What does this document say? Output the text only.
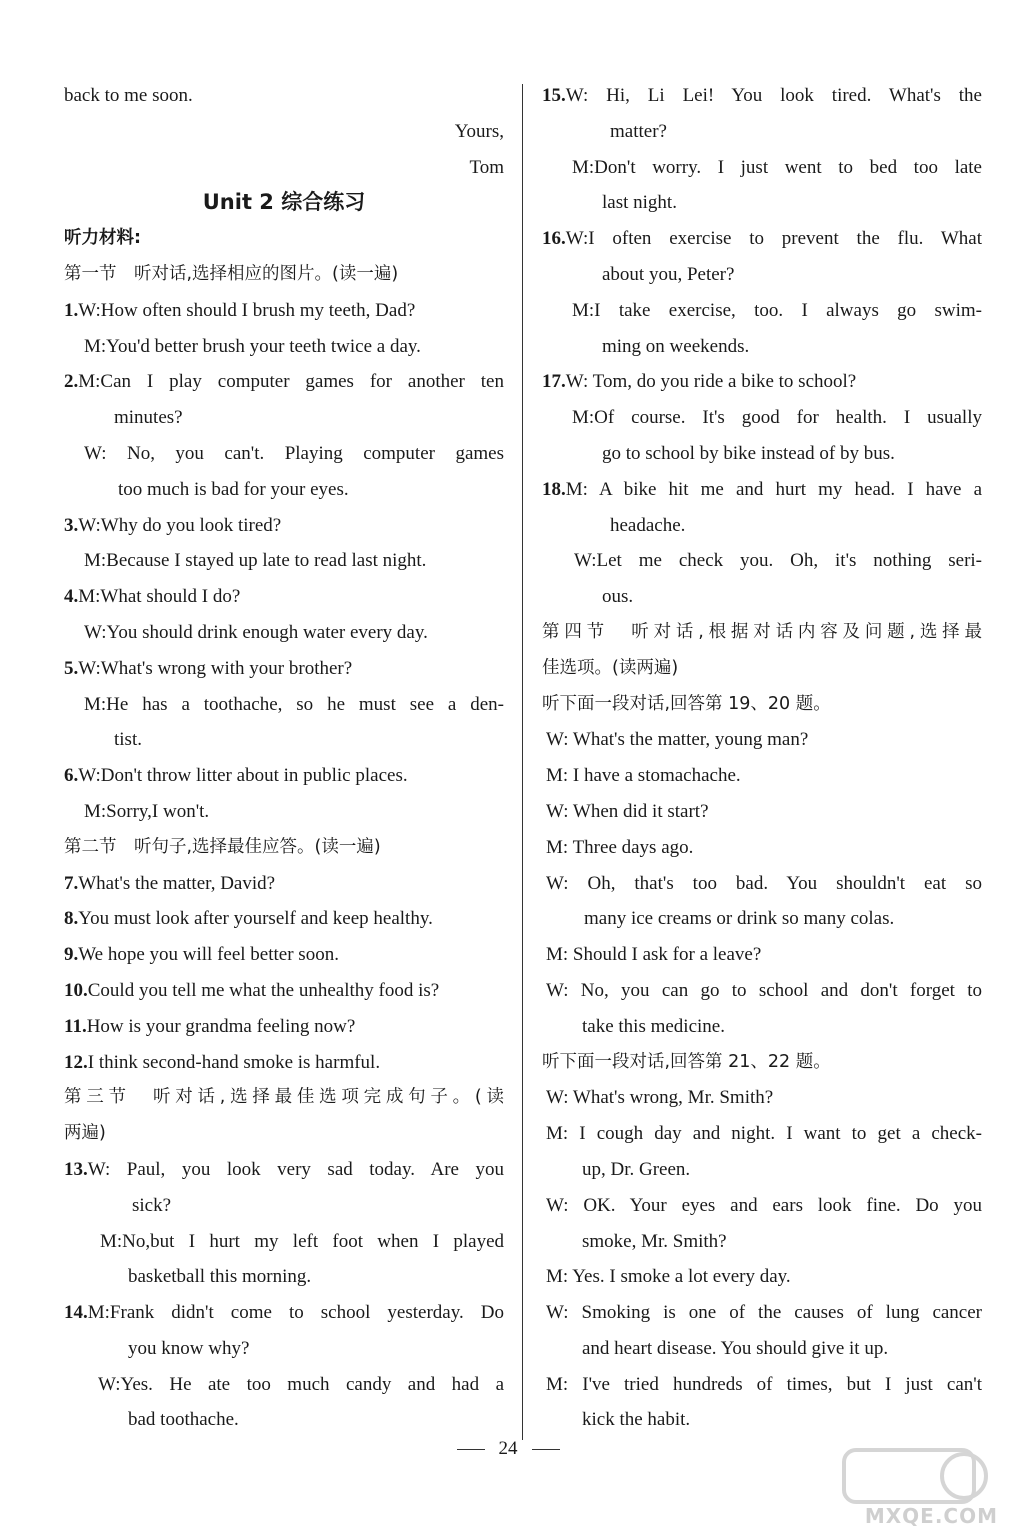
back to me soon.
Yours,
Tom
Unit 2 综合练习
听力材料:
第一节　听对话,选择相应的图片。(读一遍)
1.W:How often should I brush my teeth, Dad?
M:You'd better brush your teeth twice a day.
2.M:Can I play computer games for another ten
minutes?
W: No, you can't. Playing computer games
too much is bad for your eyes.
3.W:Why do you look tired?
M:Because I stayed up late to read last night.
4.M:What should I do?
W:You should drink enough water every day.
5.W:What's wrong with your brother?
M:He has a toothache, so he must see a den-
tist.
6.W:Don't throw litter about in public places.
M:Sorry,I won't.
第二节　听句子,选择最佳应答。(读一遍)
7.What's the matter, David?
8.You must look after yourself and keep healthy.
9.We hope you will feel better soon.
10.Could you tell me what the unhealthy food is?
11.How is your grandma feeling now?
12.I think second-hand smoke is harmful.
第三节　听对话,选择最佳选项完成句子。(读
两遍)
13.W: Paul, you look very sad today. Are you
sick?
M:No,but I hurt my left foot when I played
basketball this morning.
14.M:Frank didn't come to school yesterday. Do
you know why?
W:Yes. He ate too much candy and had a
bad toothache.
15.W: Hi, Li Lei! You look tired. What's the
matter?
M:Don't worry. I just went to bed too late
last night.
16.W:I often exercise to prevent the flu. What
about you, Peter?
M:I take exercise, too. I always go swim-
ming on weekends.
17.W: Tom, do you ride a bike to school?
M:Of course. It's good for health. I usually
go to school by bike instead of by bus.
18.M: A bike hit me and hurt my head. I have a
headache.
W:Let me check you. Oh, it's nothing seri-
ous.
第四节　听对话,根据对话内容及问题,选择最
佳选项。(读两遍)
听下面一段对话,回答第 19、20 题。
W: What's the matter, young man?
M: I have a stomachache.
W: When did it start?
M: Three days ago.
W: Oh, that's too bad. You shouldn't eat so
many ice creams or drink so many colas.
M: Should I ask for a leave?
W: No, you can go to school and don't forget to
take this medicine.
听下面一段对话,回答第 21、22 题。
W: What's wrong, Mr. Smith?
M: I cough day and night. I want to get a check-
up, Dr. Green.
W: OK. Your eyes and ears look fine. Do you
smoke, Mr. Smith?
M: Yes. I smoke a lot every day.
W: Smoking is one of the causes of lung cancer
and heart disease. You should give it up.
M: I've tried hundreds of times, but I just can't
kick the habit.
24
MXQE.COM
